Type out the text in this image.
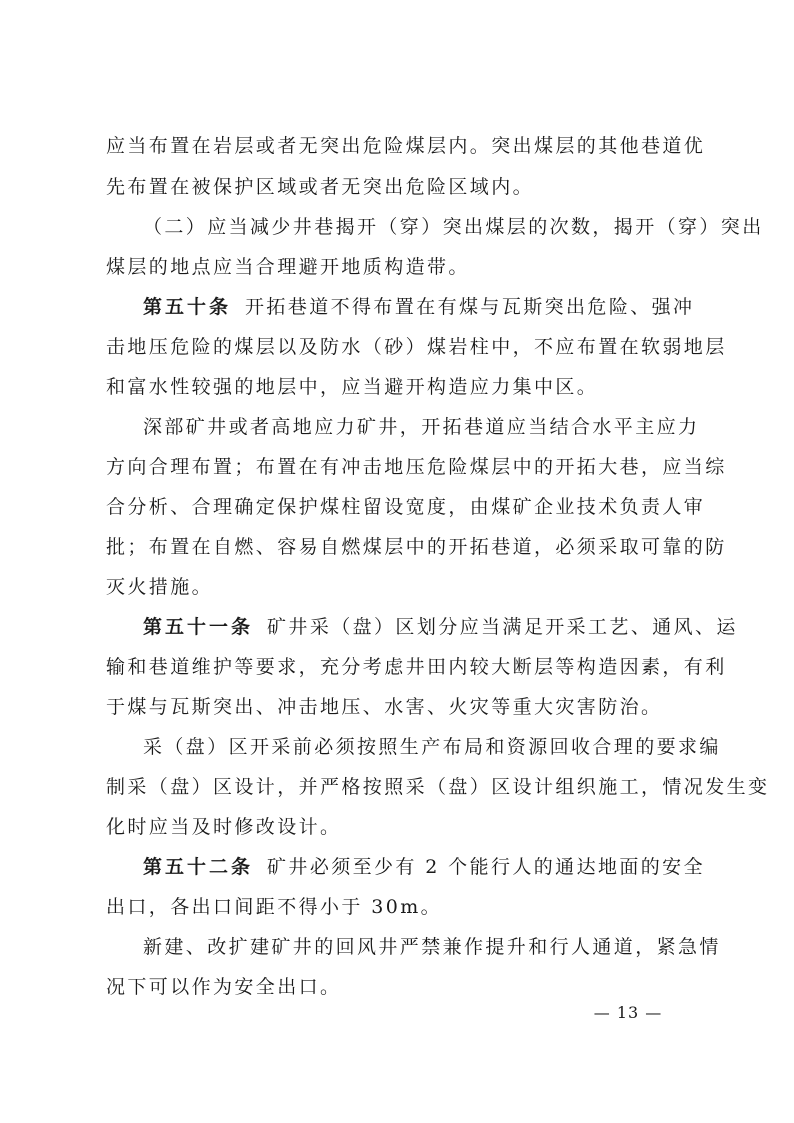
应当布置在岩层或者无突出危险煤层内。突出煤层的其他巷道优
先布置在被保护区域或者无突出危险区域内。
（二）应当减少井巷揭开（穿）突出煤层的次数，揭开（穿）突出
煤层的地点应当合理避开地质构造带。
第五十条 开拓巷道不得布置在有煤与瓦斯突出危险、强冲
击地压危险的煤层以及防水（砂）煤岩柱中，不应布置在软弱地层
和富水性较强的地层中，应当避开构造应力集中区。
深部矿井或者高地应力矿井，开拓巷道应当结合水平主应力
方向合理布置；布置在有冲击地压危险煤层中的开拓大巷，应当综
合分析、合理确定保护煤柱留设宽度，由煤矿企业技术负责人审
批；布置在自燃、容易自燃煤层中的开拓巷道，必须采取可靠的防
灭火措施。
第五十一条 矿井采（盘）区划分应当满足开采工艺、通风、运
输和巷道维护等要求，充分考虑井田内较大断层等构造因素，有利
于煤与瓦斯突出、冲击地压、水害、火灾等重大灾害防治。
采（盘）区开采前必须按照生产布局和资源回收合理的要求编
制采（盘）区设计，并严格按照采（盘）区设计组织施工，情况发生变
化时应当及时修改设计。
第五十二条 矿井必须至少有 2 个能行人的通达地面的安全
出口，各出口间距不得小于 30m。
新建、改扩建矿井的回风井严禁兼作提升和行人通道，紧急情
况下可以作为安全出口。
— 13 —
